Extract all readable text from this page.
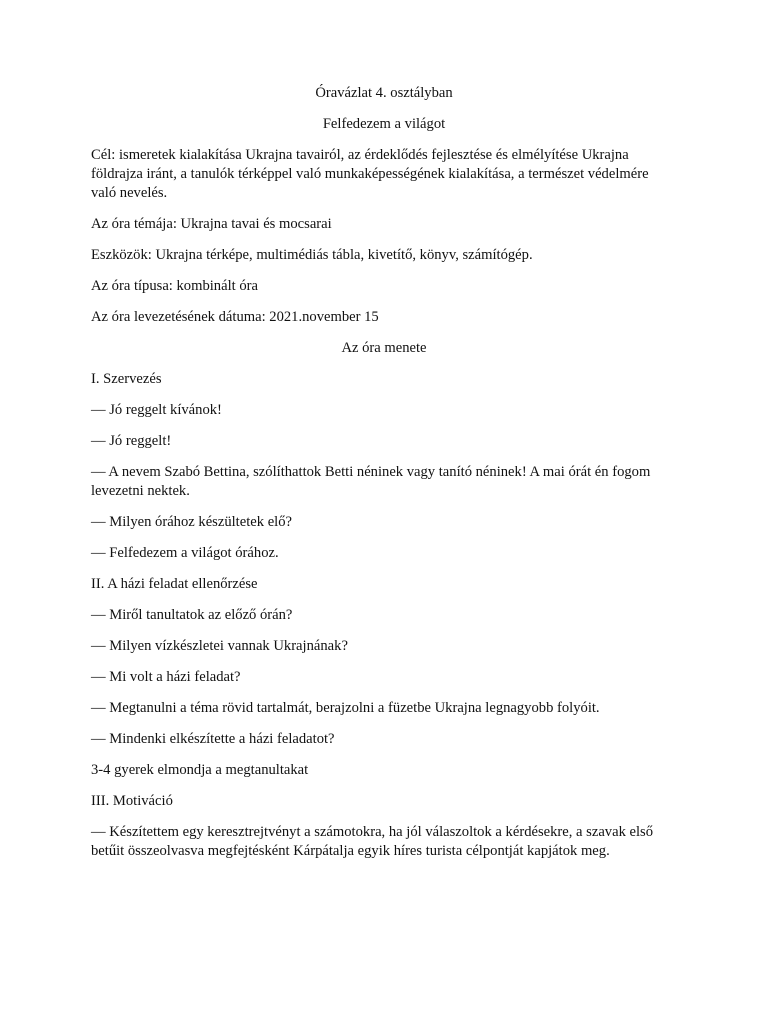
Óravázlat 4. osztályban

Felfedezem a világot

Cél: ismeretek kialakítása Ukrajna tavairól, az érdeklődés fejlesztése és elmélyítése Ukrajna földrajza iránt, a tanulók térképpel való munkaképességének kialakítása, a természet védelmére való nevelés.

Az óra témája: Ukrajna tavai és mocsarai

Eszközök: Ukrajna térképe, multimédiás tábla, kivetítő, könyv, számítógép.

Az óra típusa: kombinált óra

Az óra levezetésének dátuma: 2021.november 15

Az óra menete

I. Szervezés

— Jó reggelt kívánok!

— Jó reggelt!

— A nevem Szabó Bettina, szólíthattok Betti néninek vagy tanító néninek! A mai órát én fogom levezetni nektek.

— Milyen órához készültetek elő?

— Felfedezem a világot órához.

II. A házi feladat ellenőrzése

— Miről tanultatok az előző órán?

— Milyen vízkészletei vannak Ukrajnának?

— Mi volt a házi feladat?

— Megtanulni a téma rövid tartalmát, berajzolni a füzetbe Ukrajna legnagyobb folyóit.

— Mindenki elkészítette a házi feladatot?

3-4 gyerek elmondja a megtanultakat

III. Motiváció

— Készítettem egy keresztrejtvényt a számotokra, ha jól válaszoltok a kérdésekre, a szavak első betűit összeolvasva megfejtésként Kárpátalja egyik híres turista célpontját kapjátok meg.
